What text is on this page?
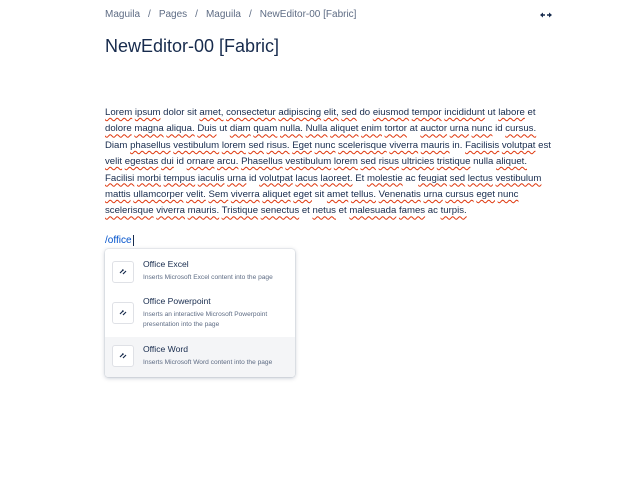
Maguila / Pages / Maguila / NewEditor-00 [Fabric]
NewEditor-00 [Fabric]
Lorem ipsum dolor sit amet, consectetur adipiscing elit, sed do eiusmod tempor incididunt ut labore et dolore magna aliqua. Duis ut diam quam nulla. Nulla aliquet enim tortor at auctor urna nunc id cursus. Diam phasellus vestibulum lorem sed risus. Eget nunc scelerisque viverra mauris in. Facilisis volutpat est velit egestas dui id ornare arcu. Phasellus vestibulum lorem sed risus ultricies tristique nulla aliquet. Facilisi morbi tempus iaculis urna id volutpat lacus laoreet. Et molestie ac feugiat sed lectus vestibulum mattis ullamcorper velit. Sem viverra aliquet eget sit amet tellus. Venenatis urna cursus eget nunc scelerisque viverra mauris. Tristique senectus et netus et malesuada fames ac turpis.
/office
Office Excel
Inserts Microsoft Excel content into the page
Office Powerpoint
Inserts an interactive Microsoft Powerpoint presentation into the page
Office Word
Inserts Microsoft Word content into the page
